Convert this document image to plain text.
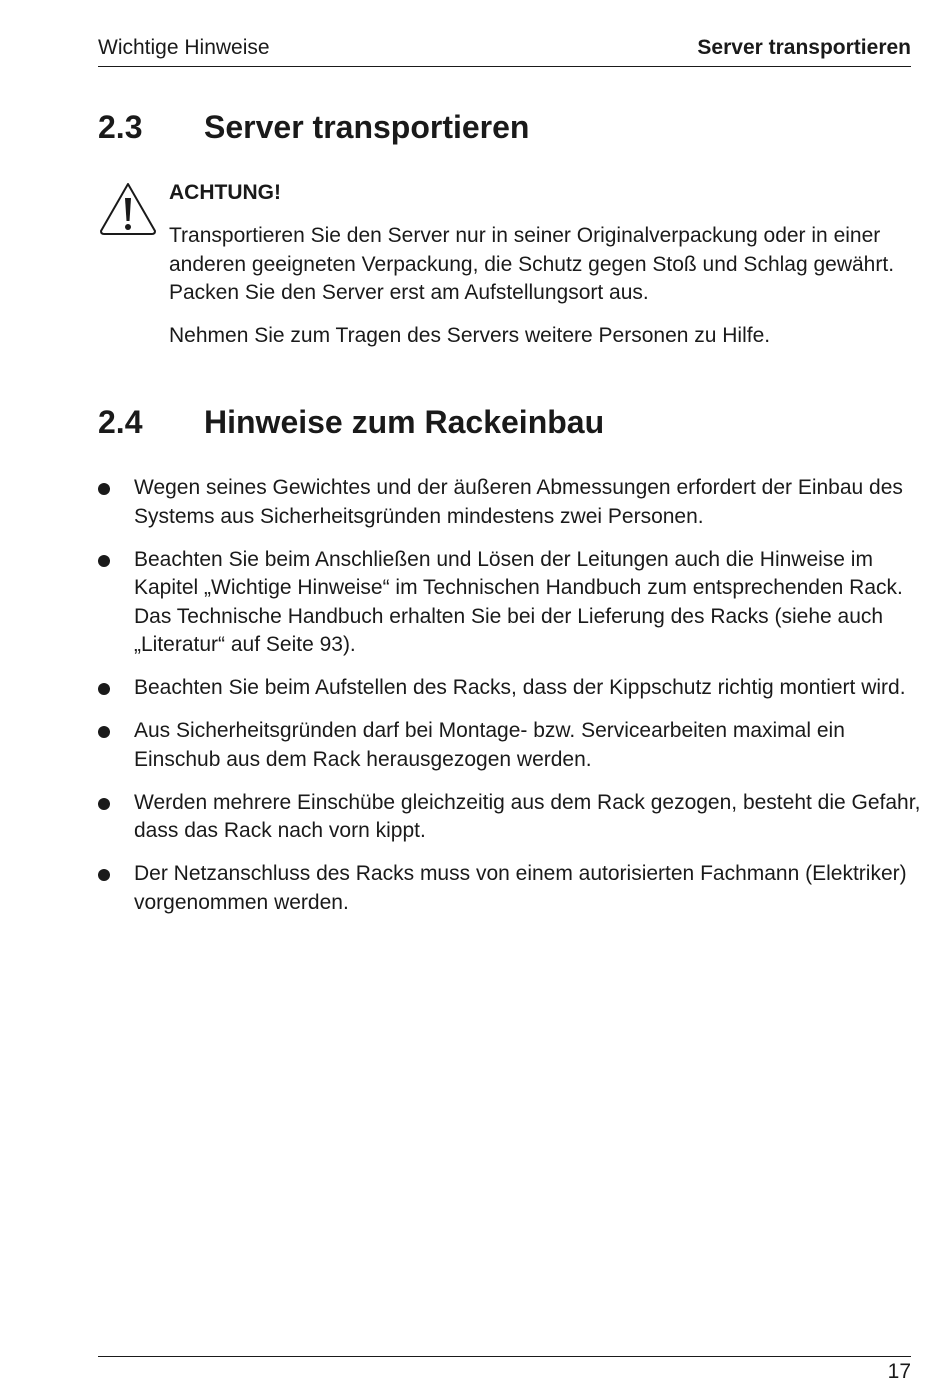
Wichtige Hinweise	Server transportieren
2.3 Server transportieren
ACHTUNG!
Transportieren Sie den Server nur in seiner Originalverpackung oder in einer anderen geeigneten Verpackung, die Schutz gegen Stoß und Schlag gewährt. Packen Sie den Server erst am Aufstellungsort aus.
Nehmen Sie zum Tragen des Servers weitere Personen zu Hilfe.
2.4 Hinweise zum Rackeinbau
Wegen seines Gewichtes und der äußeren Abmessungen erfordert der Einbau des Systems aus Sicherheitsgründen mindestens zwei Personen.
Beachten Sie beim Anschließen und Lösen der Leitungen auch die Hinweise im Kapitel „Wichtige Hinweise“ im Technischen Handbuch zum entsprechenden Rack. Das Technische Handbuch erhalten Sie bei der Lieferung des Racks (siehe auch „Literatur“ auf Seite 93).
Beachten Sie beim Aufstellen des Racks, dass der Kippschutz richtig montiert wird.
Aus Sicherheitsgründen darf bei Montage- bzw. Servicearbeiten maximal ein Einschub aus dem Rack herausgezogen werden.
Werden mehrere Einschübe gleichzeitig aus dem Rack gezogen, besteht die Gefahr, dass das Rack nach vorn kippt.
Der Netzanschluss des Racks muss von einem autorisierten Fachmann (Elektriker) vorgenommen werden.
17
